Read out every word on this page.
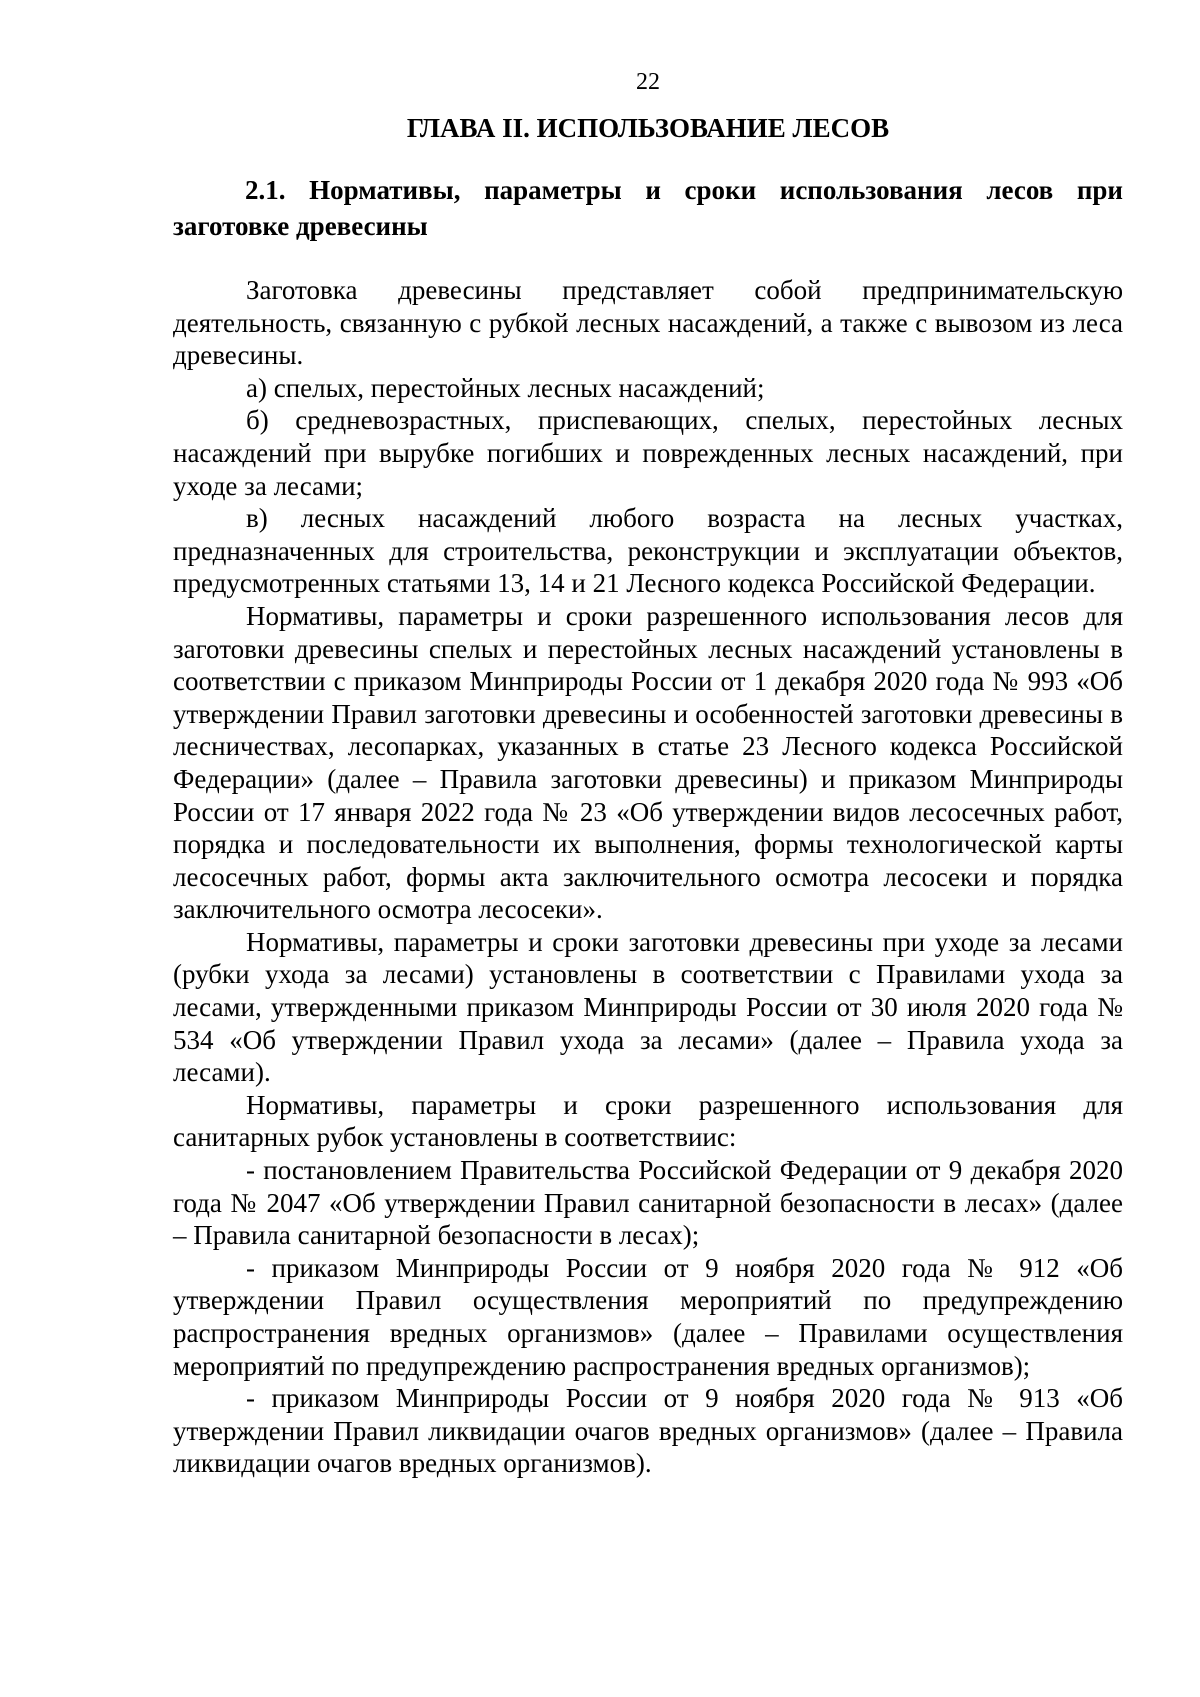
22

ГЛАВА II. ИСПОЛЬЗОВАНИЕ ЛЕСОВ
2.1. Нормативы, параметры и сроки использования лесов при заготовке древесины

Заготовка древесины представляет собой предпринимательскую деятельность, связанную с рубкой лесных насаждений, а также с вывозом из леса древесины.

а) спелых, перестойных лесных насаждений;

б) средневозрастных, приспевающих, спелых, перестойных лесных насаждений при вырубке погибших и поврежденных лесных насаждений, при уходе за лесами;

в) лесных насаждений любого возраста на лесных участках, предназначенных для строительства, реконструкции и эксплуатации объектов, предусмотренных статьями 13, 14 и 21 Лесного кодекса Российской Федерации.

Нормативы, параметры и сроки разрешенного использования лесов для заготовки древесины спелых и перестойных лесных насаждений установлены в соответствии с приказом Минприроды России от 1 декабря 2020 года № 993 «Об утверждении Правил заготовки древесины и особенностей заготовки древесины в лесничествах, лесопарках, указанных в статье 23 Лесного кодекса Российской Федерации» (далее – Правила заготовки древесины) и приказом Минприроды России от 17 января 2022 года № 23 «Об утверждении видов лесосечных работ, порядка и последовательности их выполнения, формы технологической карты лесосечных работ, формы акта заключительного осмотра лесосеки и порядка заключительного осмотра лесосеки».

Нормативы, параметры и сроки заготовки древесины при уходе за лесами (рубки ухода за лесами) установлены в соответствии с Правилами ухода за лесами, утвержденными приказом Минприроды России от 30 июля 2020 года № 534 «Об утверждении Правил ухода за лесами» (далее – Правила ухода за лесами).

Нормативы, параметры и сроки разрешенного использования для санитарных рубок установлены в соответствиис:

- постановлением Правительства Российской Федерации от 9 декабря 2020 года № 2047 «Об утверждении Правил санитарной безопасности в лесах» (далее – Правила санитарной безопасности в лесах);

- приказом Минприроды России от 9 ноября 2020 года № 912 «Об утверждении Правил осуществления мероприятий по предупреждению распространения вредных организмов» (далее – Правилами осуществления мероприятий по предупреждению распространения вредных организмов);

- приказом Минприроды России от 9 ноября 2020 года № 913 «Об утверждении Правил ликвидации очагов вредных организмов» (далее – Правила ликвидации очагов вредных организмов).
